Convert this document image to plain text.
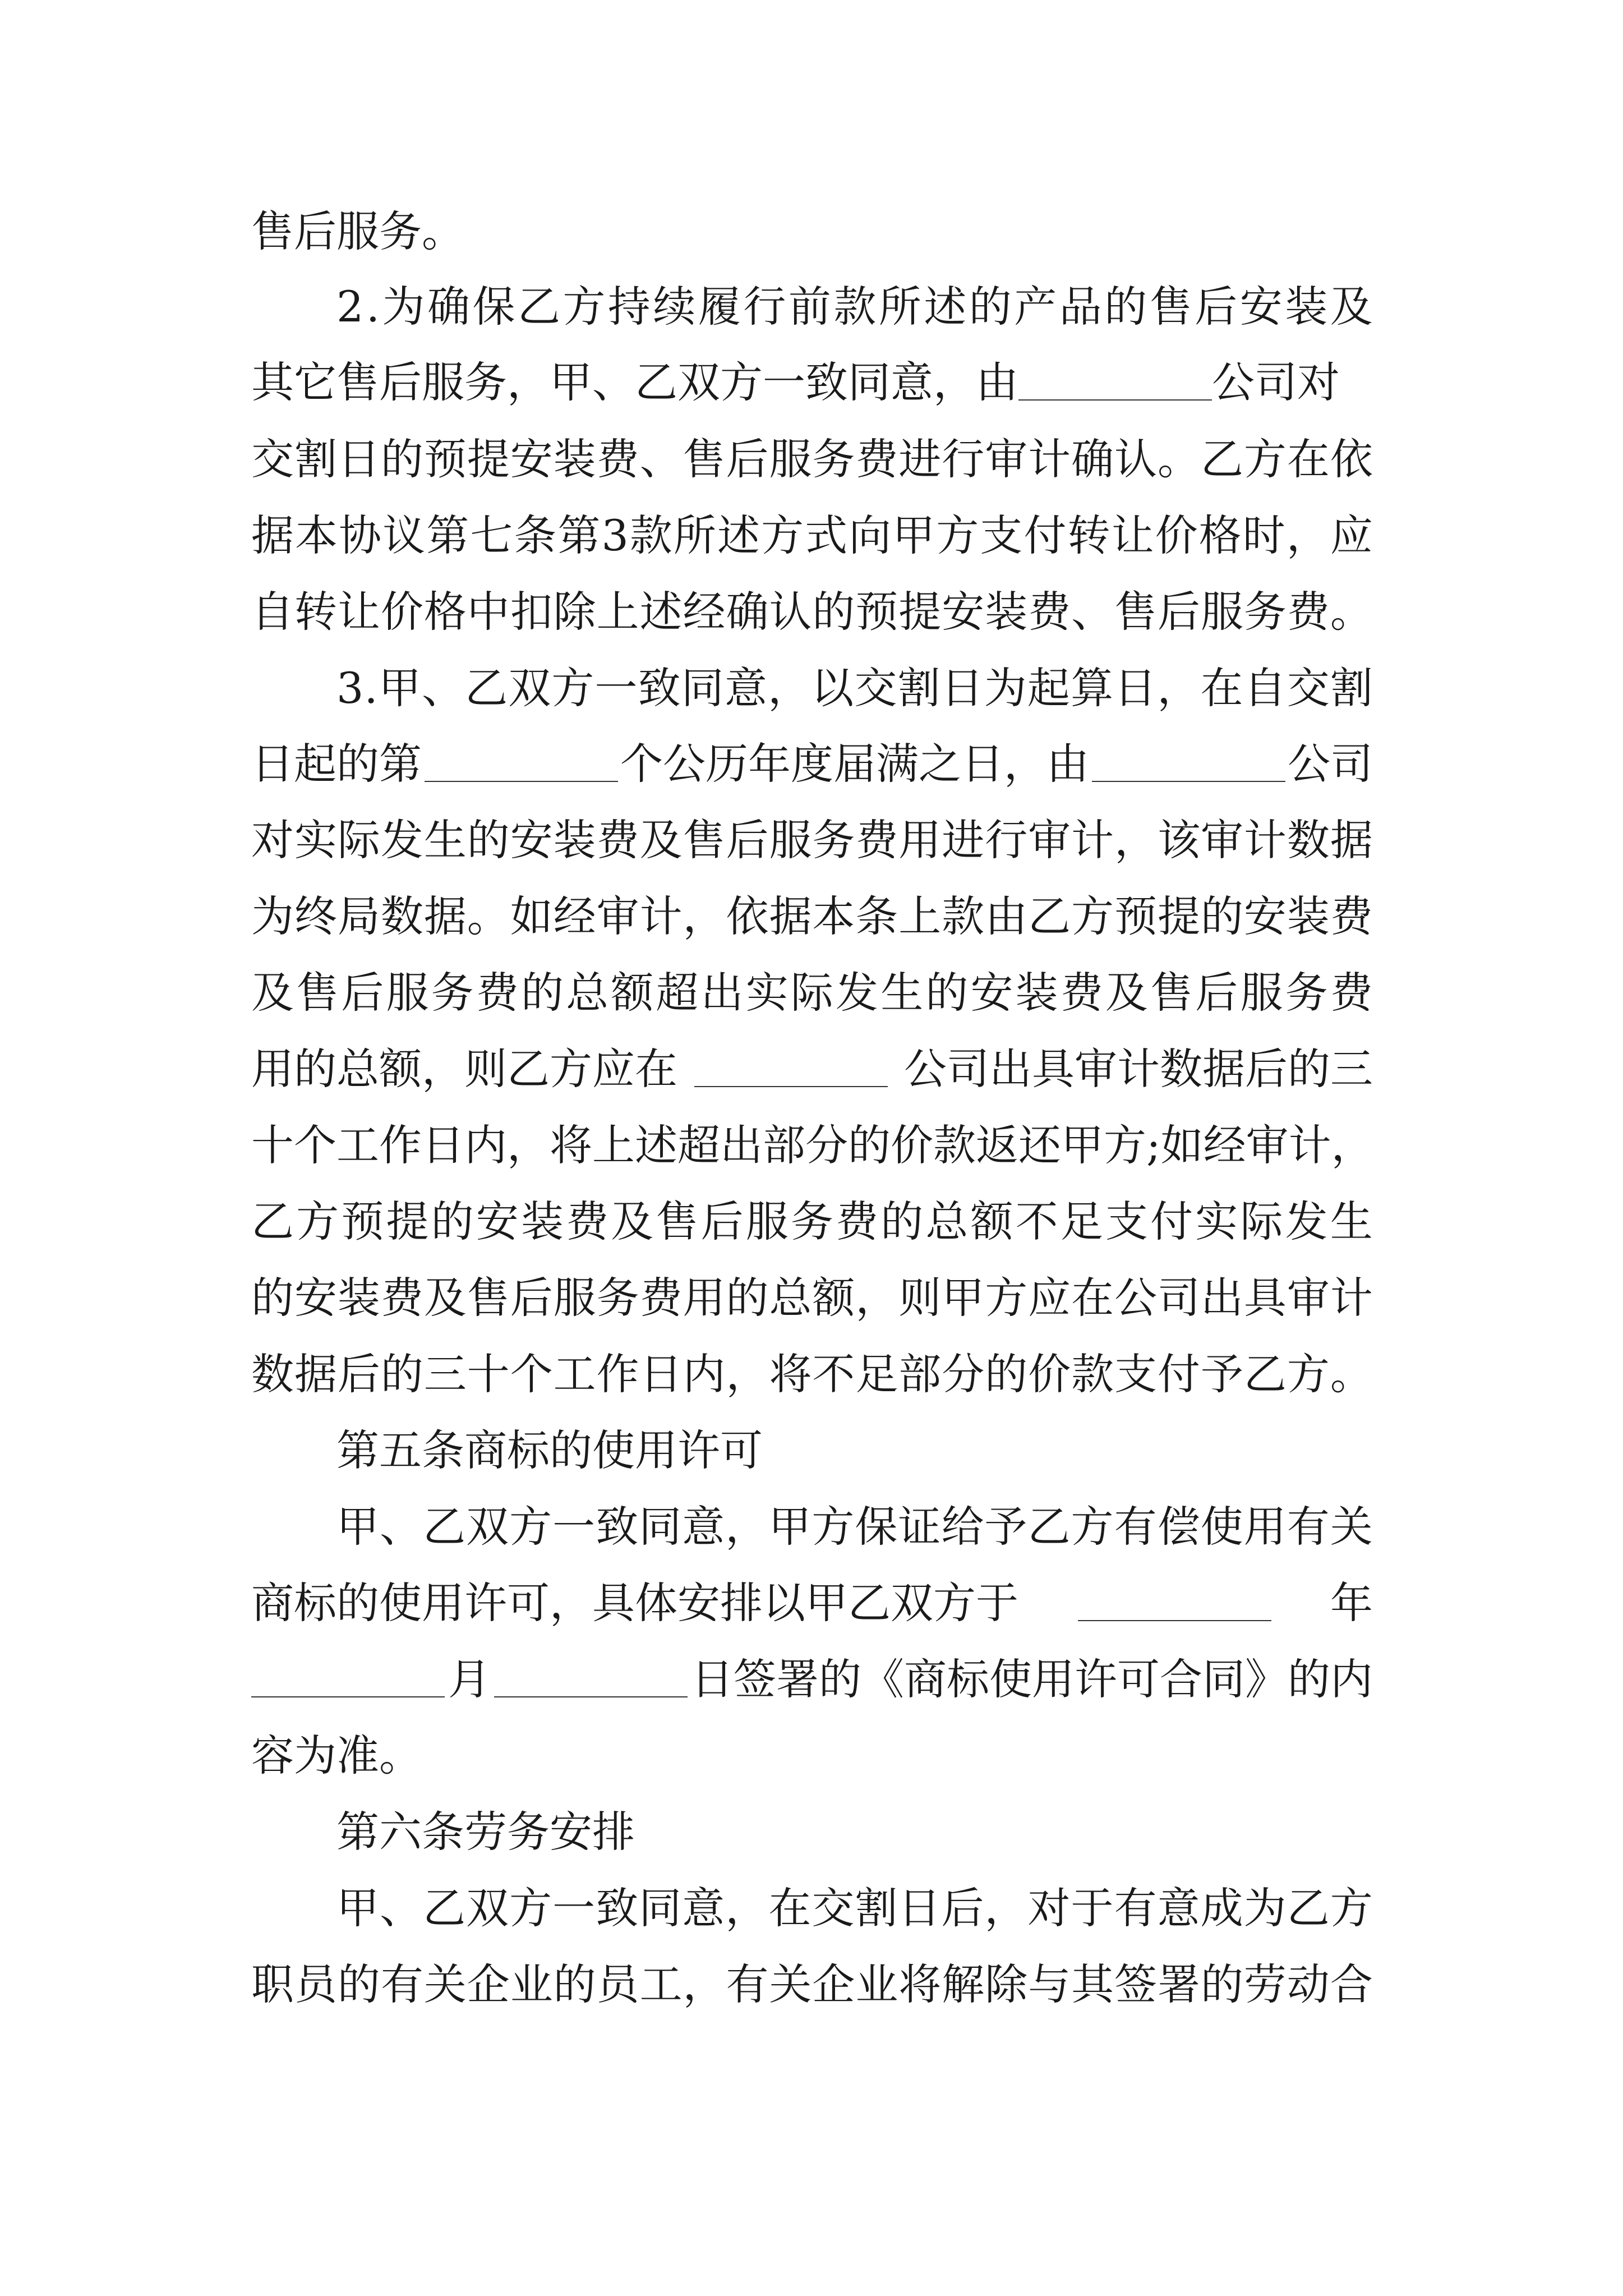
售后服务。
2 . 为 确 保 乙 方 持 续 履 行 前 款 所 述 的 产 品 的 售 后 安 装 及
其它售后服务，甲、乙双方一致同意，由	公司对
交 割 日 的 预 提 安 装 费 、 售 后 服 务 费 进 行 审 计 确 认 。 乙 方 在 依
据 本 协 议 第 七 条 第 3 款 所 述 方 式 向 甲 方 支 付 转 让 价 格 时 ， 应
自 转 让 价 格 中 扣 除 上 述 经 确 认 的 预 提 安 装 费 、 售 后 服 务 费 。
3 . 甲 、 乙 双 方 一 致 同 意 ， 以 交 割 日 为 起 算 日 ， 在 自 交 割
日起的第	个公历年度届满之日，由	公司
对 实 际 发 生 的 安 装 费 及 售 后 服 务 费 用 进 行 审 计 ， 该 审 计 数 据
为 终 局 数 据 。 如 经 审 计 ， 依 据 本 条 上 款 由 乙 方 预 提 的 安 装 费
及 售 后 服 务 费 的 总 额 超 出 实 际 发 生 的 安 装 费 及 售 后 服 务 费
用的总额，则乙方应在	公司出具审计数据后的三
十 个 工 作 日 内 ， 将 上 述 超 出 部 分 的 价 款 返 还 甲 方 ; 如 经 审 计 ，
乙 方 预 提 的 安 装 费 及 售 后 服 务 费 的 总 额 不 足 支 付 实 际 发 生
的 安 装 费 及 售 后 服 务 费 用 的 总 额 ， 则 甲 方 应 在 公 司 出 具 审 计
数 据 后 的 三 十 个 工 作 日 内 ， 将 不 足 部 分 的 价 款 支 付 予 乙 方 。
第五条商标的使用许可
甲 、 乙 双 方 一 致 同 意 ， 甲 方 保 证 给 予 乙 方 有 偿 使 用 有 关
商标的使用许可，具体安排以甲乙双方于	年
月	日签署的《商标使用许可合同》的内
容为准。
第六条劳务安排
甲 、 乙 双 方 一 致 同 意 ， 在 交 割 日 后 ， 对 于 有 意 成 为 乙 方
职 员 的 有 关 企 业 的 员 工 ， 有 关 企 业 将 解 除 与 其 签 署 的 劳 动 合
